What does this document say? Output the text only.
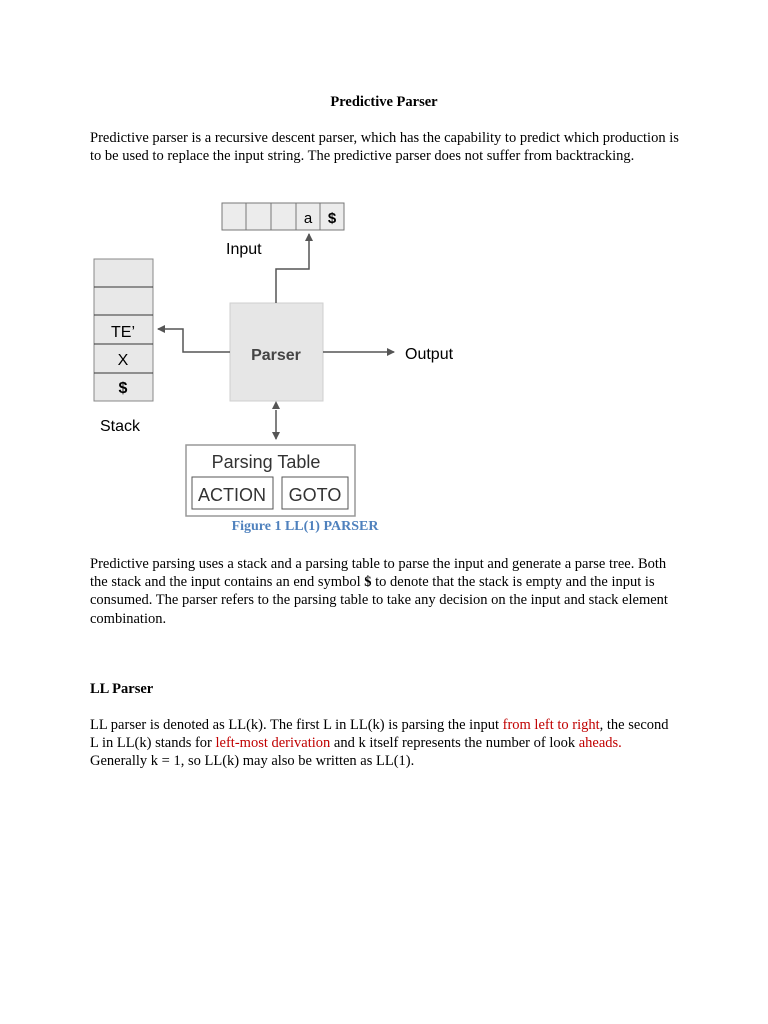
Predictive Parser

Predictive parser is a recursive descent parser, which has the capability to predict which production is to be used to replace the input string. The predictive parser does not suffer from backtracking.

a $
Input
TE’
X
$
Stack
Parser	Output
Parsing Table
ACTION GOTO
Figure 1 LL(1) PARSER

Predictive parsing uses a stack and a parsing table to parse the input and generate a parse tree. Both the stack and the input contains an end symbol $ to denote that the stack is empty and the input is consumed. The parser refers to the parsing table to take any decision on the input and stack element combination.

LL Parser

LL parser is denoted as LL(k). The first L in LL(k) is parsing the input from left to right, the second L in LL(k) stands for left-most derivation and k itself represents the number of look aheads. Generally k = 1, so LL(k) may also be written as LL(1).
